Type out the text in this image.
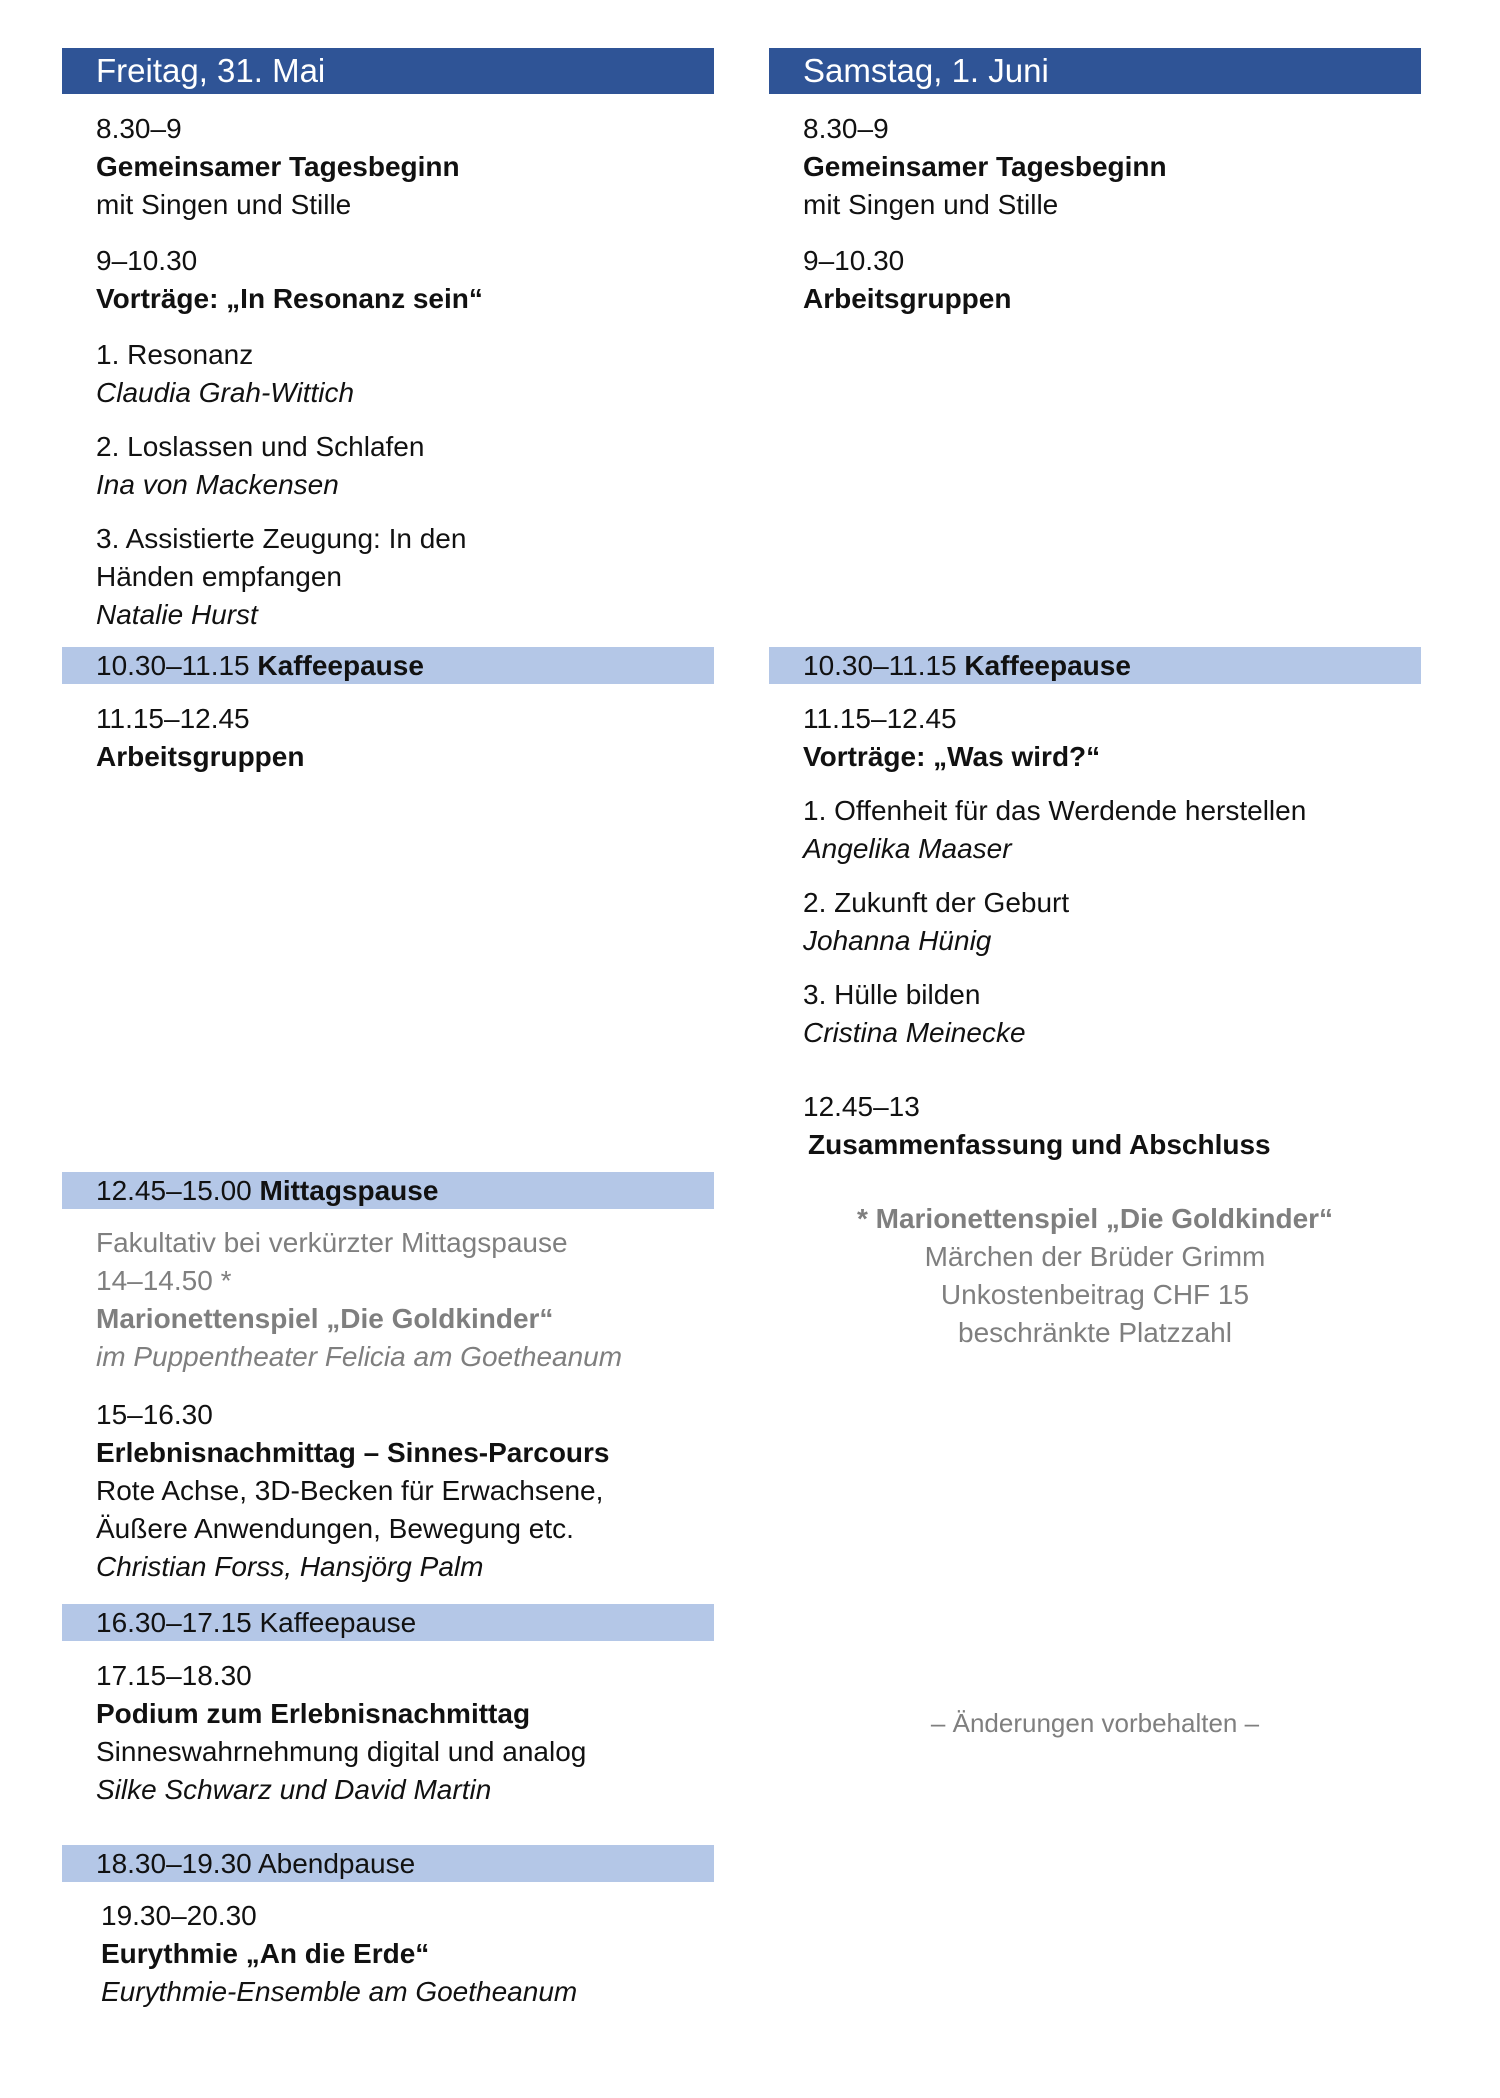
Freitag, 31. Mai
8.30–9
Gemeinsamer Tagesbeginn
mit Singen und Stille
9–10.30
Vorträge: „In Resonanz sein“
1. Resonanz
Claudia Grah-Wittich
2. Loslassen und Schlafen
Ina von Mackensen
3. Assistierte Zeugung: In den
Händen empfangen
Natalie Hurst
10.30–11.15 Kaffeepause
11.15–12.45
Arbeitsgruppen
12.45–15.00 Mittagspause
Fakultativ bei verkürzter Mittagspause
14–14.50 *
Marionettenspiel „Die Goldkinder“
im Puppentheater Felicia am Goetheanum
15–16.30
Erlebnisnachmittag – Sinnes-Parcours
Rote Achse, 3D-Becken für Erwachsene,
Äußere Anwendungen, Bewegung etc.
Christian Forss, Hansjörg Palm
16.30–17.15 Kaffeepause
17.15–18.30
Podium zum Erlebnisnachmittag
Sinneswahrnehmung digital und analog
Silke Schwarz und David Martin
18.30–19.30 Abendpause
19.30–20.30
Eurythmie „An die Erde“
Eurythmie-Ensemble am Goetheanum
Samstag, 1. Juni
8.30–9
Gemeinsamer Tagesbeginn
mit Singen und Stille
9–10.30
Arbeitsgruppen
10.30–11.15 Kaffeepause
11.15–12.45
Vorträge: „Was wird?“
1. Offenheit für das Werdende herstellen
Angelika Maaser
2. Zukunft der Geburt
Johanna Hünig
3. Hülle bilden
Cristina Meinecke
12.45–13
Zusammenfassung und Abschluss
* Marionettenspiel „Die Goldkinder“
Märchen der Brüder Grimm
Unkostenbeitrag CHF 15
beschränkte Platzzahl
– Änderungen vorbehalten –
